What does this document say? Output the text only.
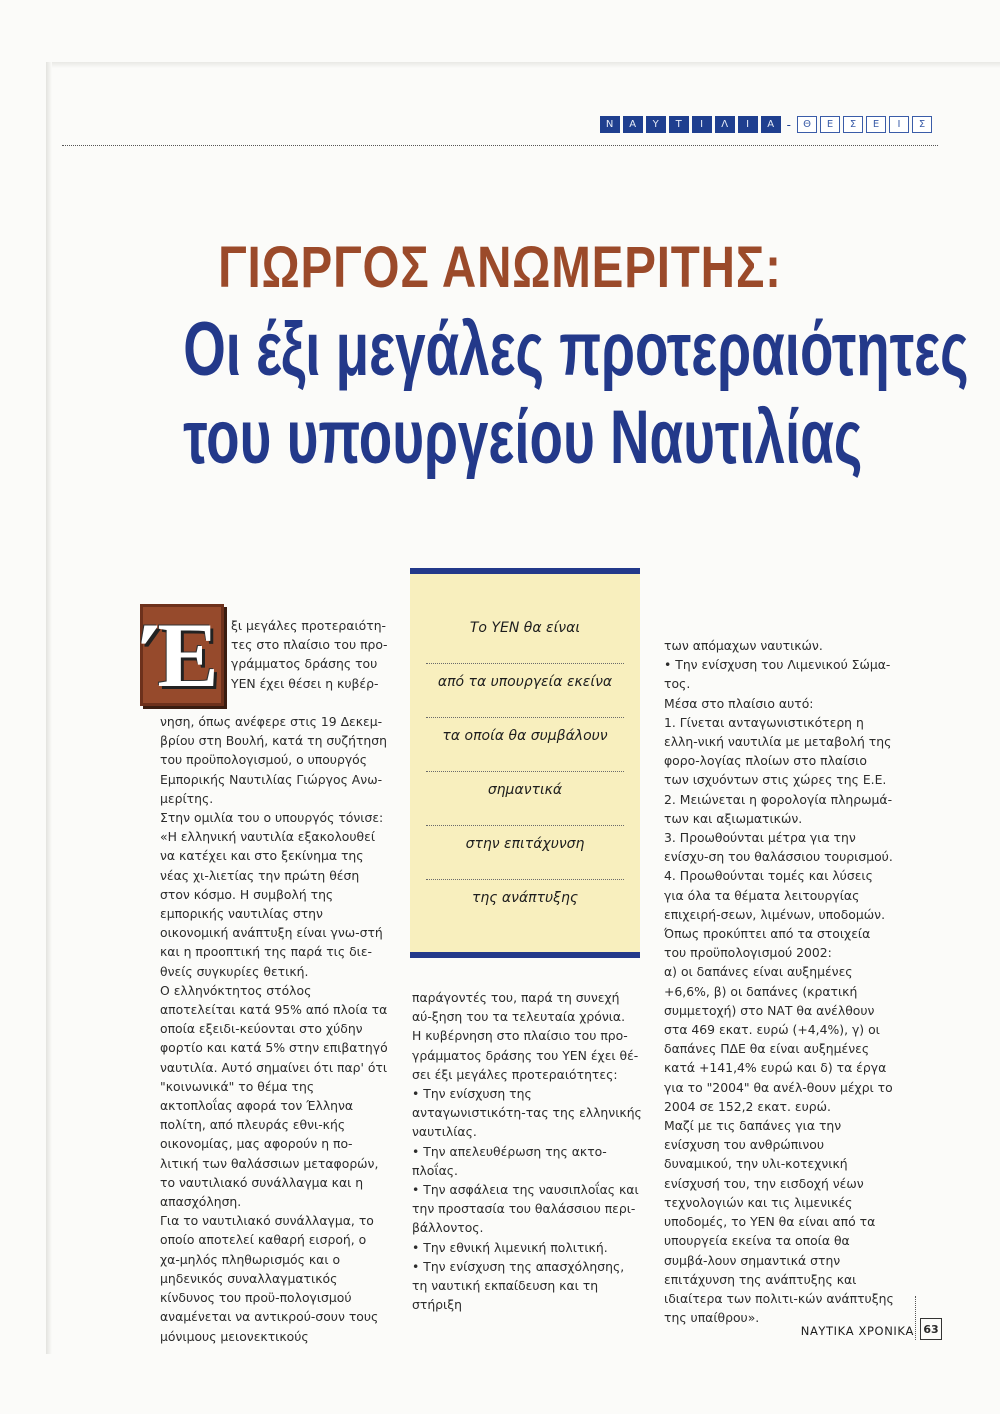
Ν	Α	Υ	Τ	Ι	Λ	Ι	Α	-	Θ	Ε	Σ	Ε	Ι	Σ
ΓΙΩΡΓΟΣ ΑΝΩΜΕΡΙΤΗΣ:
Οι έξι μεγάλες προτεραιότητες
του υπουργείου Ναυτιλίας
Έ ξι μεγάλες προτεραιότη-τες στο πλαίσιο του προ-γράμματος δράσης του ΥΕΝ έχει θέσει η κυβέρ-

νηση, όπως ανέφερε στις 19 Δεκεμ-βρίου στη Βουλή, κατά τη συζήτηση του προϋπολογισμού, ο υπουργός Εμπορικής Ναυτιλίας Γιώργος Ανω-μερίτης.

Στην ομιλία του ο υπουργός τόνισε: «Η ελληνική ναυτιλία εξακολουθεί να κατέχει και στο ξεκίνημα της νέας χι-λιετίας την πρώτη θέση στον κόσμο. Η συμβολή της εμπορικής ναυτιλίας στην οικονομική ανάπτυξη είναι γνω-στή και η προοπτική της παρά τις διε-θνείς συγκυρίες θετική.

Ο ελληνόκτητος στόλος αποτελείται κατά 95% από πλοία τα οποία εξειδι-κεύονται στο χύδην φορτίο και κατά 5% στην επιβατηγό ναυτιλία. Αυτό σημαίνει ότι παρ' ότι "κοινωνικά" το θέμα της ακτοπλοΐας αφορά τον Έλληνα πολίτη, από πλευράς εθνι-κής οικονομίας, μας αφορούν η πο-λιτική των θαλάσσιων μεταφορών, το ναυτιλιακό συνάλλαγμα και η απασχόληση.

Για το ναυτιλιακό συνάλλαγμα, το οποίο αποτελεί καθαρή εισροή, ο χα-μηλός πληθωρισμός και ο μηδενικός συναλλαγματικός κίνδυνος του προϋ-πολογισμού αναμένεται να αντικρού-σουν τους μόνιμους μειονεκτικούς

Το ΥΕΝ θα είναι
από τα υπουργεία εκείνα
τα οποία θα συμβάλουν
σημαντικά
στην επιτάχυνση
της ανάπτυξης

παράγοντές του, παρά τη συνεχή αύ-ξηση του τα τελευταία χρόνια.

Η κυβέρνηση στο πλαίσιο του προ-γράμματος δράσης του ΥΕΝ έχει θέ-σει έξι μεγάλες προτεραιότητες:

• Την ενίσχυση της ανταγωνιστικότη-τας της ελληνικής ναυτιλίας.

• Την απελευθέρωση της ακτο-πλοΐας.

• Την ασφάλεια της ναυσιπλοΐας και την προστασία του θαλάσσιου περι-βάλλοντος.

• Την εθνική λιμενική πολιτική.

• Την ενίσχυση της απασχόλησης, τη ναυτική εκπαίδευση και τη στήριξη

των απόμαχων ναυτικών.

• Την ενίσχυση του Λιμενικού Σώμα-τος.

Μέσα στο πλαίσιο αυτό:

1. Γίνεται ανταγωνιστικότερη η ελλη-νική ναυτιλία με μεταβολή της φορο-λογίας πλοίων στο πλαίσιο των ισχυόντων στις χώρες της Ε.Ε.

2. Μειώνεται η φορολογία πληρωμά-των και αξιωματικών.

3. Προωθούνται μέτρα για την ενίσχυ-ση του θαλάσσιου τουρισμού.

4. Προωθούνται τομές και λύσεις για όλα τα θέματα λειτουργίας επιχειρή-σεων, λιμένων, υποδομών.

Όπως προκύπτει από τα στοιχεία του προϋπολογισμού 2002:

α) οι δαπάνες είναι αυξημένες +6,6%, β) οι δαπάνες (κρατική συμμετοχή) στο ΝΑΤ θα ανέλθουν στα 469 εκατ. ευρώ (+4,4%), γ) οι δαπάνες ΠΔΕ θα είναι αυξημένες κατά +141,4% ευρώ και δ) τα έργα για το "2004" θα ανέλ-θουν μέχρι το 2004 σε 152,2 εκατ. ευρώ.

Μαζί με τις δαπάνες για την ενίσχυση του ανθρώπινου δυναμικού, την υλι-κοτεχνική ενίσχυσή του, την εισδοχή νέων τεχνολογιών και τις λιμενικές υποδομές, το ΥΕΝ θα είναι από τα υπουργεία εκείνα τα οποία θα συμβά-λουν σημαντικά στην επιτάχυνση της ανάπτυξης και ιδιαίτερα των πολιτι-κών ανάπτυξης της υπαίθρου».

ΝΑΥΤΙΚΑ ΧΡΟΝΙΚΑ 63
